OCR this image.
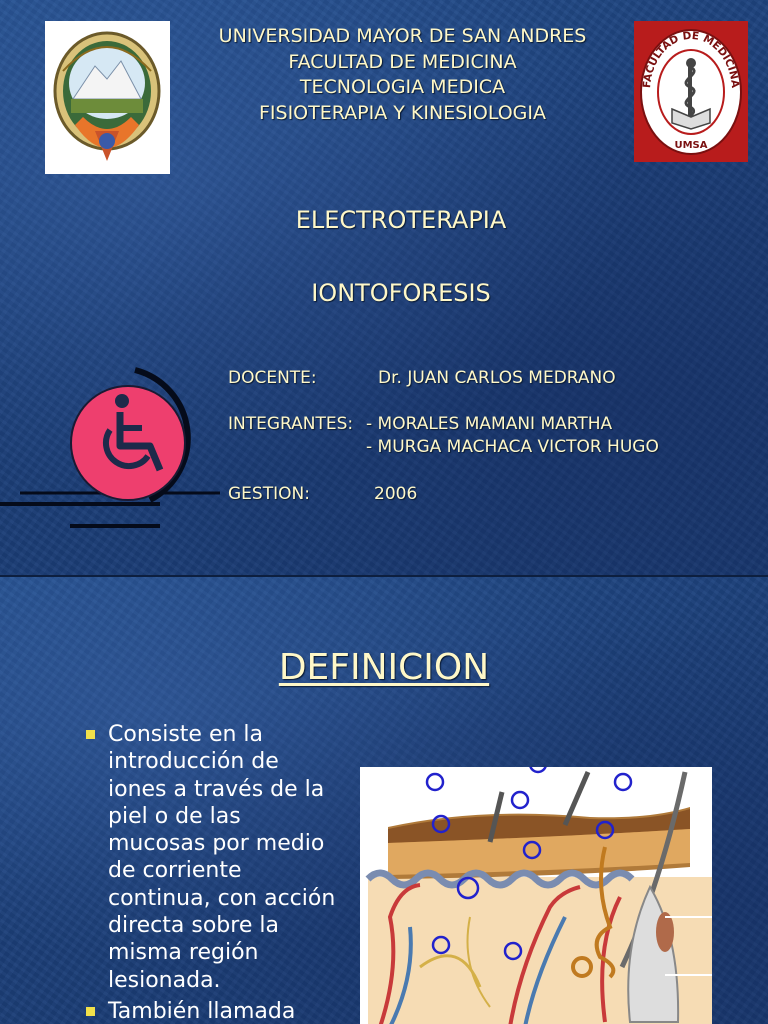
FACULTAD DE MEDICINA
UMSA
UNIVERSIDAD MAYOR DE SAN ANDRES
FACULTAD DE MEDICINA
TECNOLOGIA MEDICA
FISIOTERAPIA Y KINESIOLOGIA
ELECTROTERAPIA
IONTOFORESIS
DOCENTE:	Dr. JUAN CARLOS MEDRANO
INTEGRANTES: - MORALES MAMANI MARTHA
- MURGA MACHACA VICTOR HUGO
GESTION:	2006
DEFINICION
Consiste en la introducción de iones a través de la piel o de las mucosas por medio de corriente continua, con acción directa sobre la misma región lesionada.
También llamada
